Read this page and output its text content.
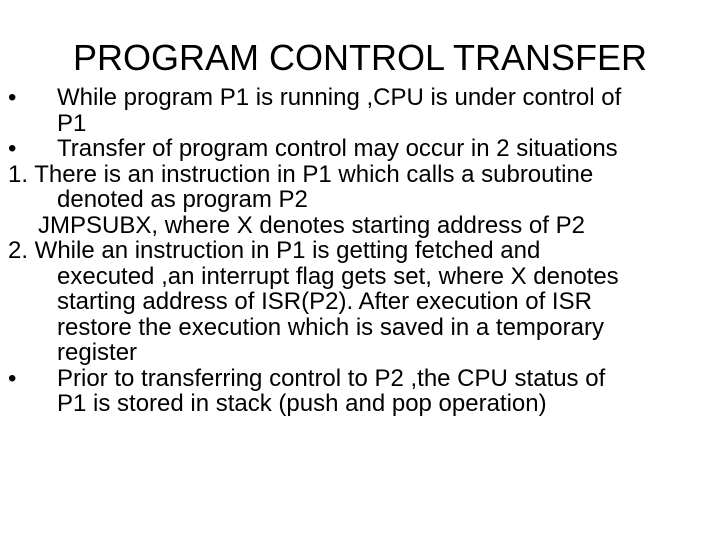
PROGRAM CONTROL TRANSFER
• While program P1 is running ,CPU is under control of
P1
• Transfer of program control may occur in 2 situations
1. There is an instruction in P1 which calls a subroutine
denoted as program P2
JMPSUBX, where X denotes starting address of P2
2. While an instruction in P1 is getting fetched and
executed ,an interrupt flag gets set, where X denotes
starting address of ISR(P2). After execution of ISR
restore the execution which is saved in a temporary
register
• Prior to transferring control to P2 ,the CPU status of
P1 is stored in stack (push and pop operation)
